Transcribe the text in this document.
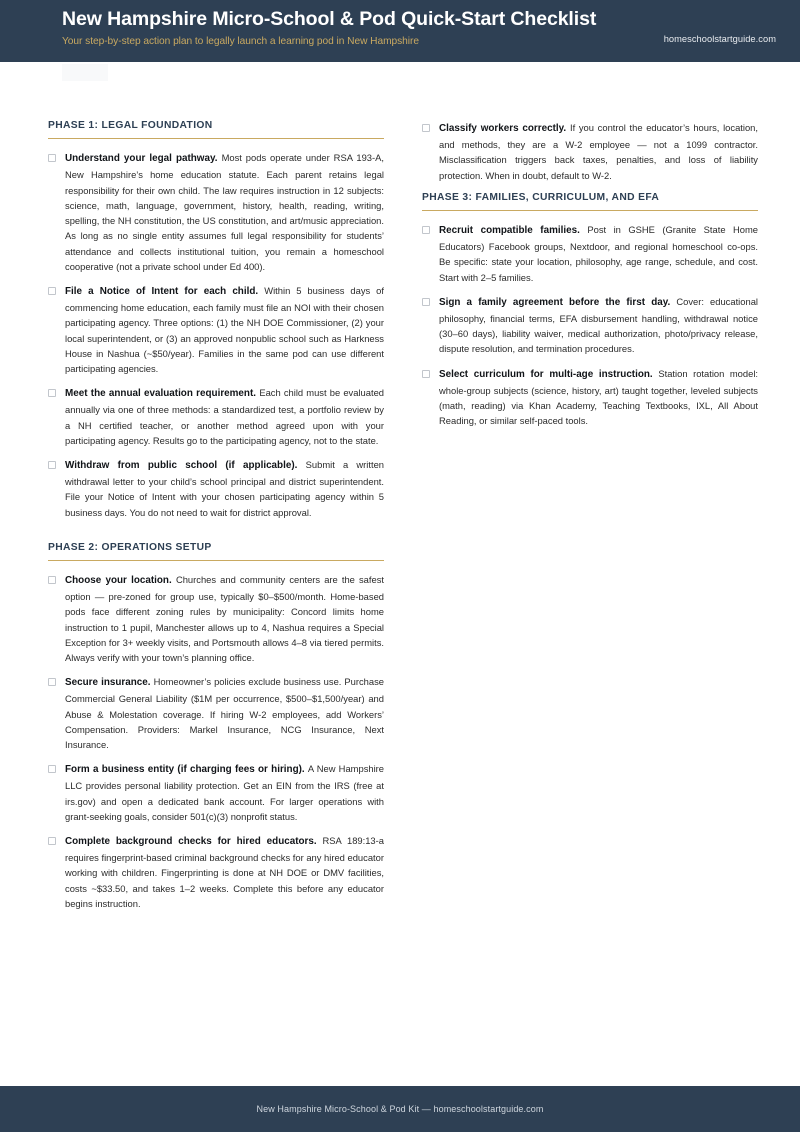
New Hampshire Micro-School & Pod Quick-Start Checklist
Your step-by-step action plan to legally launch a learning pod in New Hampshire	homeschoolstartguide.com
PHASE 1: LEGAL FOUNDATION
Understand your legal pathway.Most pods operate under RSA 193-A, New Hampshire’s home education statute. Each parent retains legal responsibility for their own child. The law requires instruction in 12 subjects: science, math, language, government, history, health, reading, writing, spelling, the NH constitution, the US constitution, and art/music appreciation. As long as no single entity assumes full legal responsibility for students’ attendance and collects institutional tuition, you remain a homeschool cooperative (not a private school under Ed 400).
File a Notice of Intent for each child.Within 5 business days of commencing home education, each family must file an NOI with their chosen participating agency. Three options: (1) the NH DOE Commissioner, (2) your local superintendent, or (3) an approved nonpublic school such as Harkness House in Nashua (~$50/year). Families in the same pod can use different participating agencies.
Meet the annual evaluation requirement.Each child must be evaluated annually via one of three methods: a standardized test, a portfolio review by a NH certified teacher, or another method agreed upon with your participating agency. Results go to the participating agency, not to the state.
Withdraw from public school (if applicable).Submit a written withdrawal letter to your child’s school principal and district superintendent. File your Notice of Intent with your chosen participating agency within 5 business days. You do not need to wait for district approval.
PHASE 2: OPERATIONS SETUP
Choose your location.Churches and community centers are the safest option — pre-zoned for group use, typically $0–$500/month. Home-based pods face different zoning rules by municipality: Concord limits home instruction to 1 pupil, Manchester allows up to 4, Nashua requires a Special Exception for 3+ weekly visits, and Portsmouth allows 4–8 via tiered permits. Always verify with your town’s planning office.
Secure insurance.Homeowner’s policies exclude business use. Purchase Commercial General Liability ($1M per occurrence, $500–$1,500/year) and Abuse & Molestation coverage. If hiring W-2 employees, add Workers’ Compensation. Providers: Markel Insurance, NCG Insurance, Next Insurance.
Form a business entity (if charging fees or hiring).A New Hampshire LLC provides personal liability protection. Get an EIN from the IRS (free at irs.gov) and open a dedicated bank account. For larger operations with grant-seeking goals, consider 501(c)(3) nonprofit status.
Complete background checks for hired educators.RSA 189:13-a requires fingerprint-based criminal background checks for any hired educator working with children. Fingerprinting is done at NH DOE or DMV facilities, costs ~$33.50, and takes 1–2 weeks. Complete this before any educator begins instruction.
Classify workers correctly.If you control the educator’s hours, location, and methods, they are a W-2 employee — not a 1099 contractor. Misclassification triggers back taxes, penalties, and loss of liability protection. When in doubt, default to W-2.
PHASE 3: FAMILIES, CURRICULUM, AND EFA
Recruit compatible families.Post in GSHE (Granite State Home Educators) Facebook groups, Nextdoor, and regional homeschool co-ops. Be specific: state your location, philosophy, age range, schedule, and cost. Start with 2–5 families.
Sign a family agreement before the first day.Cover: educational philosophy, financial terms, EFA disbursement handling, withdrawal notice (30–60 days), liability waiver, medical authorization, photo/privacy release, dispute resolution, and termination procedures.
Select curriculum for multi-age instruction.Station rotation model: whole-group subjects (science, history, art) taught together, leveled subjects (math, reading) via Khan Academy, Teaching Textbooks, IXL, All About Reading, or similar self-paced tools.
New Hampshire Micro-School & Pod Kit — homeschoolstartguide.com
